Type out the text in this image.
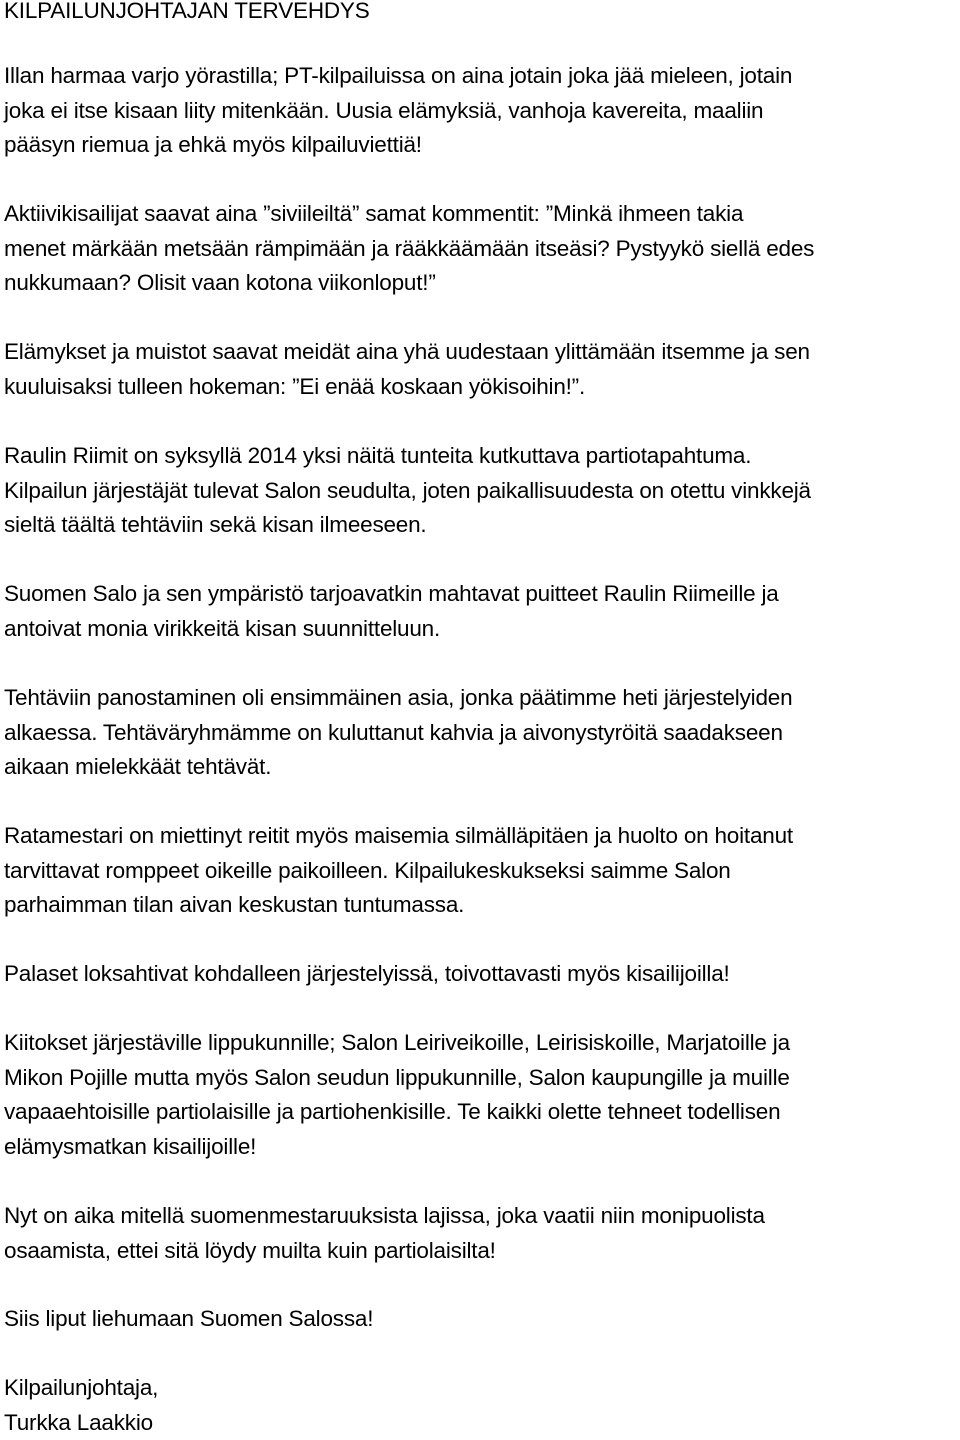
KILPAILUNJOHTAJAN TERVEHDYS

Illan harmaa varjo yörastilla; PT-kilpailuissa on aina jotain joka jää mieleen, jotain
joka ei itse kisaan liity mitenkään. Uusia elämyksiä, vanhoja kavereita, maaliin
pääsyn riemua ja ehkä myös kilpailuviettiä!
Aktiivikisailijat saavat aina ”siviileiltä” samat kommentit: ”Minkä ihmeen takia
menet märkään metsään rämpimään ja rääkkäämään itseäsi? Pystyykö siellä edes
nukkumaan? Olisit vaan kotona viikonloput!”
Elämykset ja muistot saavat meidät aina yhä uudestaan ylittämään itsemme ja sen
kuuluisaksi tulleen hokeman: ”Ei enää koskaan yökisoihin!”.
Raulin Riimit on syksyllä 2014 yksi näitä tunteita kutkuttava partiotapahtuma.
Kilpailun järjestäjät tulevat Salon seudulta, joten paikallisuudesta on otettu vinkkejä
sieltä täältä tehtäviin sekä kisan ilmeeseen.
Suomen Salo ja sen ympäristö tarjoavatkin mahtavat puitteet Raulin Riimeille ja
antoivat monia virikkeitä kisan suunnitteluun.
Tehtäviin panostaminen oli ensimmäinen asia, jonka päätimme heti järjestelyiden
alkaessa. Tehtäväryhmämme on kuluttanut kahvia ja aivonystyröitä saadakseen
aikaan mielekkäät tehtävät.
Ratamestari on miettinyt reitit myös maisemia silmälläpitäen ja huolto on hoitanut
tarvittavat romppeet oikeille paikoilleen. Kilpailukeskukseksi saimme Salon
parhaimman tilan aivan keskustan tuntumassa.
Palaset loksahtivat kohdalleen järjestelyissä, toivottavasti myös kisailijoilla!
Kiitokset järjestäville lippukunnille; Salon Leiriveikoille, Leirisiskoille, Marjatoille ja
Mikon Pojille mutta myös Salon seudun lippukunnille, Salon kaupungille ja muille
vapaaehtoisille partiolaisille ja partiohenkisille. Te kaikki olette tehneet todellisen
elämysmatkan kisailijoille!
Nyt on aika mitellä suomenmestaruuksista lajissa, joka vaatii niin monipuolista
osaamista, ettei sitä löydy muilta kuin partiolaisilta!
Siis liput liehumaan Suomen Salossa!
Kilpailunjohtaja,
Turkka Laakkio
